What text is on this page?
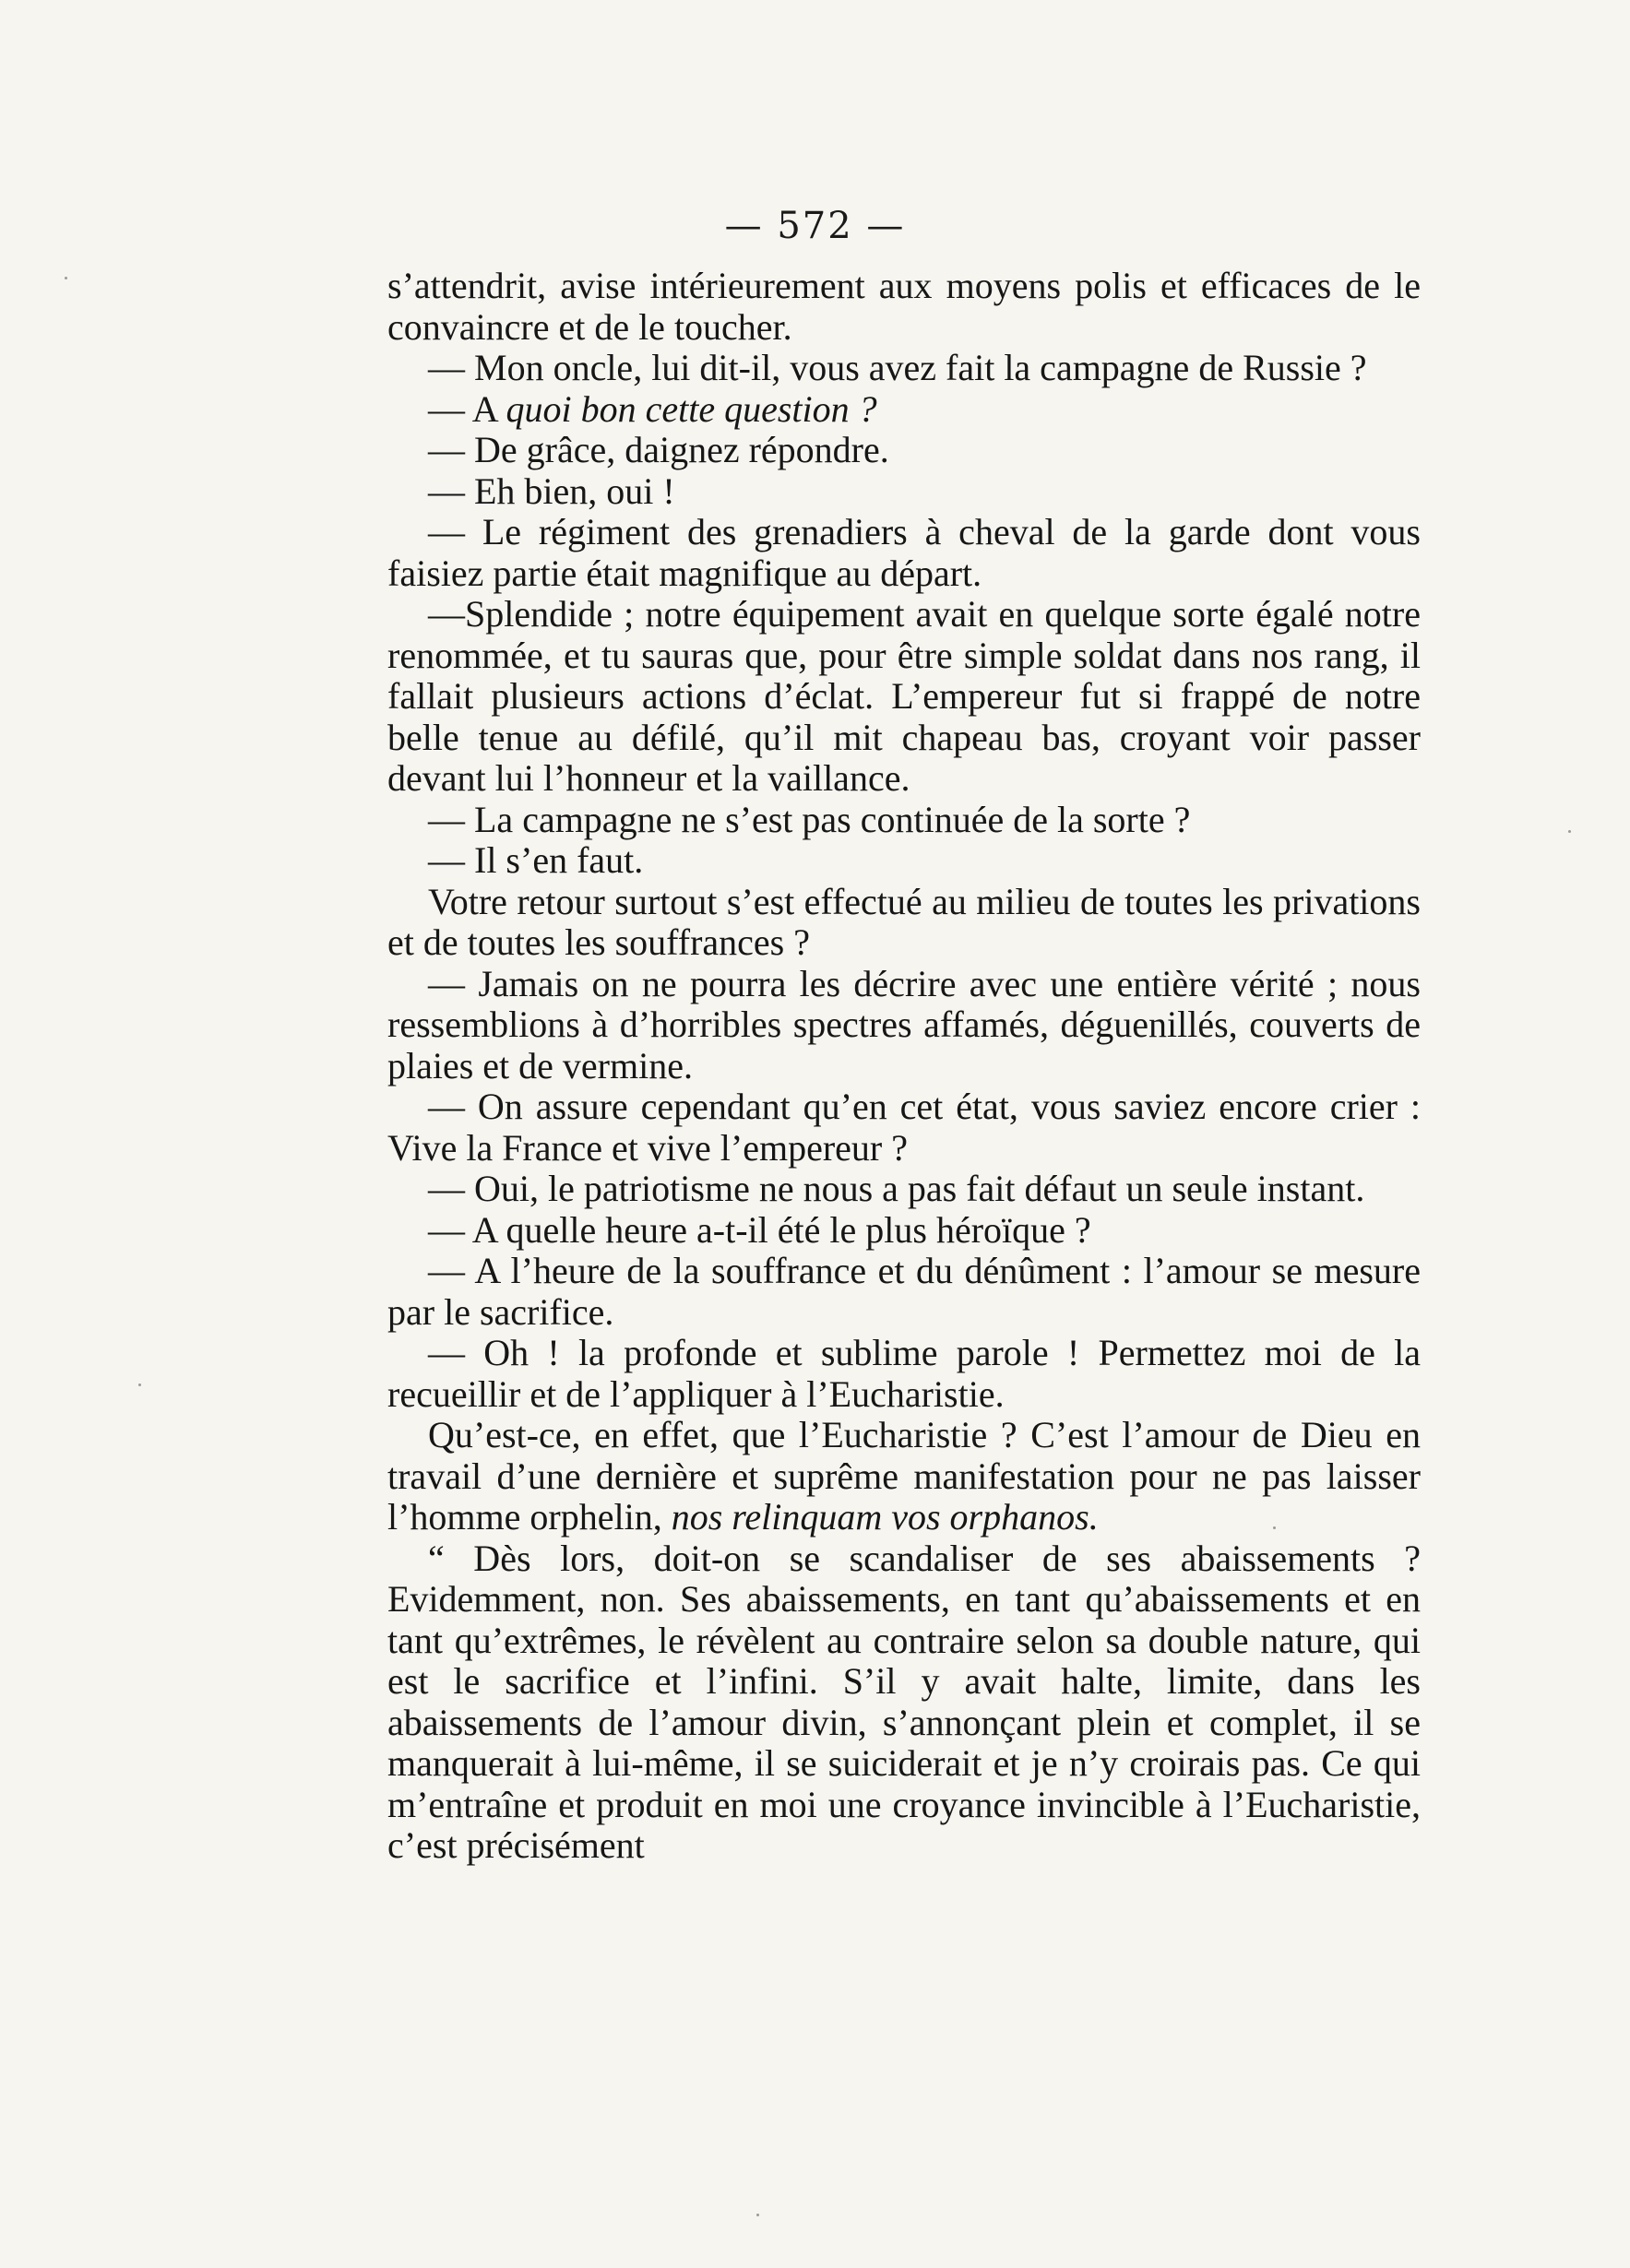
— 572 —

s’attendrit, avise intérieurement aux moyens polis et efficaces de le convaincre et de le toucher.

— Mon oncle, lui dit-il, vous avez fait la campagne de Russie ?

— A quoi bon cette question ?

— De grâce, daignez répondre.

— Eh bien, oui !

— Le régiment des grenadiers à cheval de la garde dont vous faisiez partie était magnifique au départ.

—Splendide ; notre équipement avait en quelque sorte égalé notre renommée, et tu sauras que, pour être simple soldat dans nos rang, il fallait plusieurs actions d’éclat. L’empereur fut si frappé de notre belle tenue au défilé, qu’il mit chapeau bas, croyant voir passer devant lui l’honneur et la vaillance.

— La campagne ne s’est pas continuée de la sorte ?

— Il s’en faut.

Votre retour surtout s’est effectué au milieu de toutes les privations et de toutes les souffrances ?

— Jamais on ne pourra les décrire avec une entière vérité ; nous ressemblions à d’horribles spectres affamés, déguenillés, couverts de plaies et de vermine.

— On assure cependant qu’en cet état, vous saviez encore crier : Vive la France et vive l’empereur ?

— Oui, le patriotisme ne nous a pas fait défaut un seule instant.

— A quelle heure a-t-il été le plus héroïque ?

— A l’heure de la souffrance et du dénûment : l’amour se mesure par le sacrifice.

— Oh ! la profonde et sublime parole ! Permettez moi de la recueillir et de l’appliquer à l’Eucharistie.

Qu’est-ce, en effet, que l’Eucharistie ? C’est l’amour de Dieu en travail d’une dernière et suprême manifestation pour ne pas laisser l’homme orphelin, nos relinquam vos orphanos.

“ Dès lors, doit-on se scandaliser de ses abaissements ? Evidemment, non. Ses abaissements, en tant qu’abaissements et en tant qu’extrêmes, le révèlent au contraire selon sa double nature, qui est le sacrifice et l’infini. S’il y avait halte, limite, dans les abaissements de l’amour divin, s’annonçant plein et complet, il se manquerait à lui-même, il se suiciderait et je n’y croirais pas. Ce qui m’entraîne et produit en moi une croyance invincible à l’Eucharistie, c’est précisément
